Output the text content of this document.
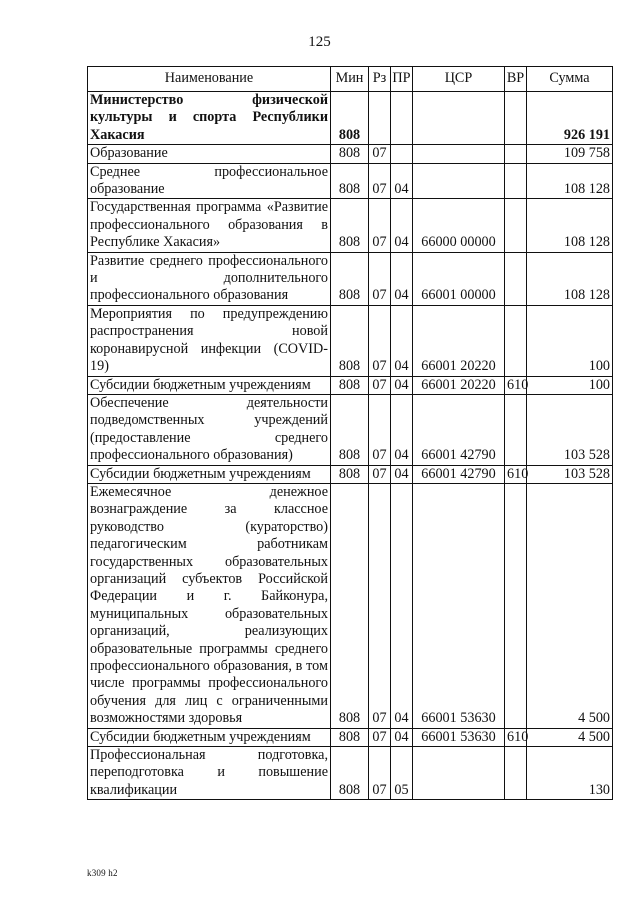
125
Наименование	Мин	Рз	ПР	ЦСР	ВР	Сумма
Министерство физической культуры и спорта Республики Хакасия	808					926 191
Образование	808	07				109 758
Среднее профессиональное образование	808	07	04			108 128
Государственная программа «Развитие профессионального образования в Республике Хакасия»	808	07	04	66000 00000		108 128
Развитие среднего профессионального и дополнительного профессионального образования	808	07	04	66001 00000		108 128
Мероприятия по предупреждению распространения новой коронавирусной инфекции (COVID-19)	808	07	04	66001 20220		100
Субсидии бюджетным учреждениям	808	07	04	66001 20220	610	100
Обеспечение деятельности подведомственных учреждений (предоставление среднего профессионального образования)	808	07	04	66001 42790		103 528
Субсидии бюджетным учреждениям	808	07	04	66001 42790	610	103 528
Ежемесячное денежное вознаграждение за классное руководство (кураторство) педагогическим работникам государственных образовательных организаций субъектов Российской Федерации и г. Байконура, муниципальных образовательных организаций, реализующих образовательные программы среднего профессионального образования, в том числе программы профессионального обучения для лиц с ограниченными возможностями здоровья	808	07	04	66001 53630		4 500
Субсидии бюджетным учреждениям	808	07	04	66001 53630	610	4 500
Профессиональная подготовка, переподготовка и повышение квалификации	808	07	05			130
k309 h2
